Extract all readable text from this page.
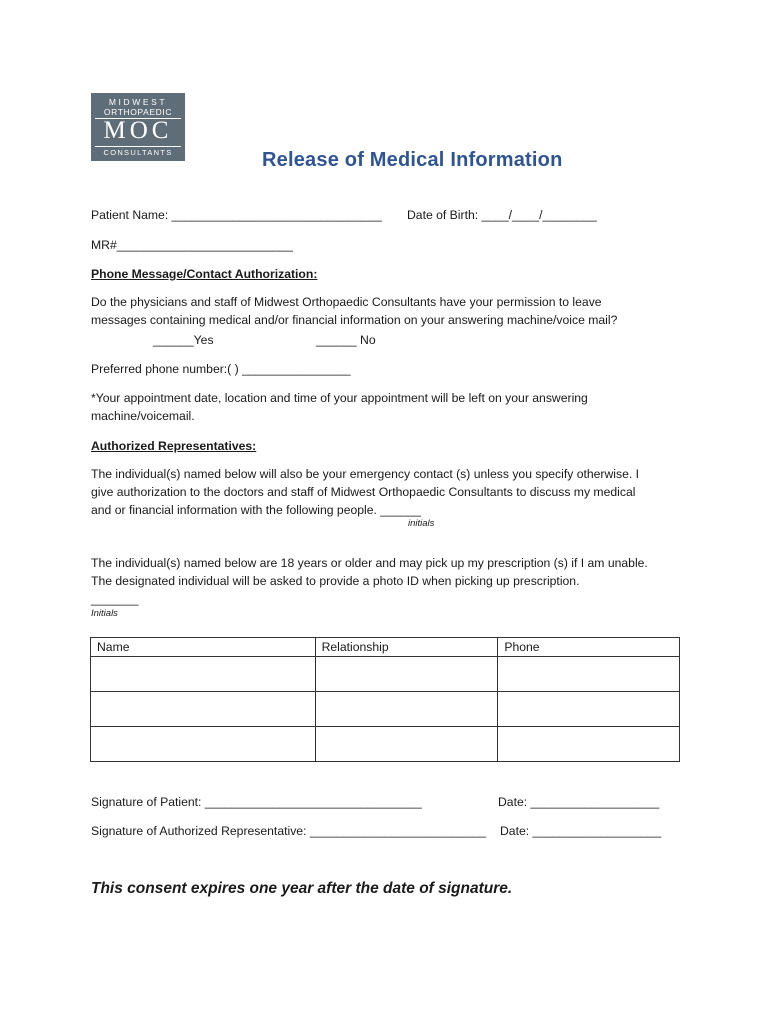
MIDWEST
ORTHOPAEDIC
MOC
CONSULTANTS	Release of Medical Information
Patient Name: _______________________________ Date of Birth: ____/____/________
MR#__________________________
Phone Message/Contact Authorization:
Do the physicians and staff of Midwest Orthopaedic Consultants have your permission to leave
messages containing medical and/or financial information on your answering machine/voice mail?
______Yes	______ No
Preferred phone number:( ) ________________
*Your appointment date, location and time of your appointment will be left on your answering
machine/voicemail.
Authorized Representatives:
The individual(s) named below will also be your emergency contact (s) unless you specify otherwise. I
give authorization to the doctors and staff of Midwest Orthopaedic Consultants to discuss my medical
and or financial information with the following people. ______
initials
The individual(s) named below are 18 years or older and may pick up my prescription (s) if I am unable.
The designated individual will be asked to provide a photo ID when picking up prescription.
_______
Initials
Name	Relationship	Phone

Signature of Patient: ________________________________	Date: ___________________
Signature of Authorized Representative: __________________________ Date: ___________________
This consent expires one year after the date of signature.
